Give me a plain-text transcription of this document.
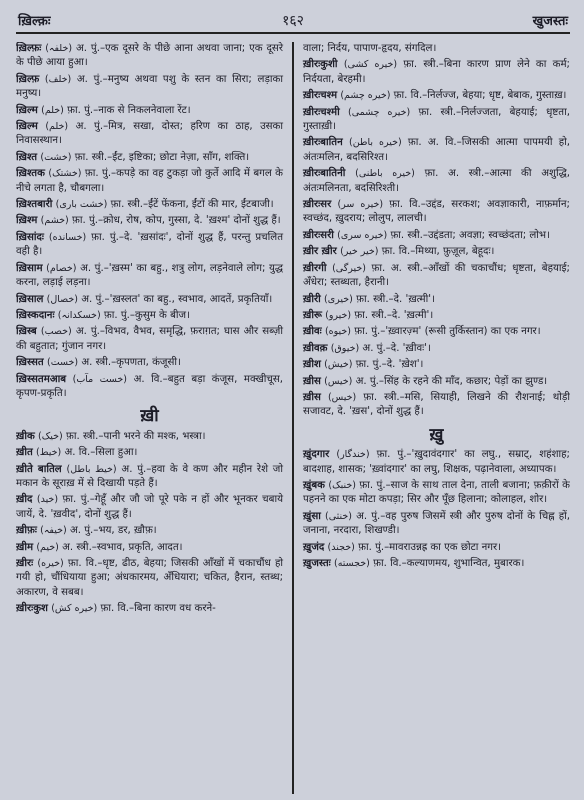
ख़िल्क़ः	१६२	खुजस्तः
ख़िल्फ़ः (خلفہ) अ. पुं.–एक दूसरे के पीछे आना अथवा जाना; एक दूसरे के पीछे आया हुआ।
ख़िल्फ़ (خلف) अ. पुं.–मनुष्य अथवा पशु के स्तन का सिरा; लड़ाका मनुष्य।
ख़िल्म (خلم) फ़ा. पुं.–नाक से निकलनेवाला रेंट।
ख़िल्म (خلم) अ. पुं.–मित्र, सखा, दोस्त; हरिण का ठाह, उसका निवासस्थान।
ख़िश्त (خشت) फ़ा. स्त्री.–ईंट, इष्टिका; छोटा नेज़ा, साँग, शक्ति।
ख़िश्तक (خشتک) फ़ा. पुं.–कपड़े का वह टुकड़ा जो कुर्ते आदि में बगल के नीचे लगता है, चौबगला।
ख़िश्तबारी (خشت باری) फ़ा. स्त्री.–ईंटें फेंकना, ईंटों की मार, ईंटबाजी।
ख़िश्म (خشم) फ़ा. पुं.–क्रोध, रोष, कोप, गुस्सा, दे. 'ख़श्म' दोनों शुद्ध हैं।
ख़िसांदः (خسانده) फ़ा. पुं.–दे. 'ख़सांदः', दोनों शुद्ध हैं, परन्तु प्रचलित वही है।
ख़िसाम (خصام) अ. पुं.–'ख़स्म' का बहु., शत्रु लोग, लड़नेवाले लोग; युद्ध करना, लड़ाई लड़ना।
ख़िसाल (خصال) अ. पुं.–'ख़स्लत' का बहु., स्वभाव, आदतें, प्रकृतियाँ।
ख़िस्कदानः (خسکدانہ) फ़ा. पुं.–कुसुम के बीज।
ख़िस्ब (خصب) अ. पुं.–विभव, वैभव, समृद्धि, फ़राग़त; घास और सब्ज़ी की बहुतात; गुंजान नगर।
ख़िस्सत (خست) अ. स्त्री.–कृपणता, कंजूसी।
ख़िस्सतमआब (خست مآب) अ. वि.–बहुत बड़ा कंजूस, मक्खीचूस, कृपण-प्रकृति।
ख़ी
ख़ीक (خیک) फ़ा. स्त्री.–पानी भरने की मश्क, भस्त्रा।
ख़ीत (خیط) अ. वि.–सिला हुआ।
ख़ीते बातिल (خیط باطل) अ. पुं.–हवा के वे कण और महीन रेशे जो मकान के सूराख़ में से दिखायी पड़ते हैं।
ख़ीद (خید) फ़ा. पुं.–गेहूँ और जौ जो पूरे पके न हों और भूनकर चबाये जायें, दे. 'ख़वीद', दोनों शुद्ध हैं।
ख़ीफ़ः (خیفہ) अ. पुं.–भय, डर, ख़ौफ़।
ख़ीम (خیم) अ. स्त्री.–स्वभाव, प्रकृति, आदत।
ख़ीरः (خیره) फ़ा. वि.–धृष्ट, ढीठ, बेहया; जिसकी आँखों में चकाचौंध हो गयी हो, चौंधियाया हुआ; अंधकारमय, अँधियारा; चकित, हैरान, स्तब्ध; अकारण, वे सबब।
ख़ीरःकुश (خیره کش) फ़ा. वि.–बिना कारण वध करने-
वाला; निर्दय, पापाण-हृदय, संगदिल।
ख़ीरःकुशी (خیره کشی) फ़ा. स्त्री.–बिना कारण प्राण लेने का कर्म; निर्दयता, बेरहमी।
ख़ीरःचश्म (خیره چشم) फ़ा. वि.–निर्लज्ज, बेहया; धृष्ट, बेबाक, गुस्ताख़।
ख़ीरःचश्मी (خیره چشمی) फ़ा. स्त्री.–निर्लज्जता, बेहयाई; धृष्टता, गुस्ताख़ी।
ख़ीरःबातिन (خیره باطن) फ़ा. अ. वि.–जिसकी आत्मा पापमयी हो, अंतःमलिन, बदसिरिश्त।
ख़ीरःबातिनी (خیره باطنی) फ़ा. अ. स्त्री.–आत्मा की अशुद्धि, अंतःमलिनता, बदसिरिश्ती।
ख़ीरःसर (خیره سر) फ़ा. वि.–उद्दंड, सरकश; अवज्ञाकारी, नाफ़र्मान; स्वच्छंद, ख़ुदराय; लोलुप, लालची।
ख़ीरःसरी (خیره سری) फ़ा. स्त्री.–उद्दंडता; अवज्ञा; स्वच्छंदता; लोभ।
ख़ीर ख़ीर (خیر خیر) फ़ा. वि.–मिथ्या, फ़ुज़ूल, बेहूदः।
ख़ीरगी (خیرگی) फ़ा. अ. स्त्री.–आँखों की चकाचौंध; धृष्टता, बेहयाई; अँधेरा; स्तब्धता, हैरानी।
ख़ीरी (خیری) फ़ा. स्त्री.–दे. 'ख़त्मी'।
ख़ीरू (خیرو) फ़ा. स्त्री.–दे. 'ख़त्मी'।
ख़ीवः (خیوه) फ़ा. पुं.–'ख़्वारज़्म' (रूसी तुर्किस्तान) का एक नगर।
ख़ीवक़ (خیوق) अ. पुं.–दे. 'ख़ीवः'।
ख़ीश (خیش) फ़ा. पुं.–दे. 'ख़ेश'।
ख़ीस (خیس) अ. पुं.–सिंह के रहने की माँद, कछार; पेड़ों का झुण्ड।
ख़ीस (خیس) फ़ा. स्त्री.–मसि, सियाही, लिखने की रौशनाई; थोड़ी सजावट, दे. 'ख़स', दोनों शुद्ध हैं।
ख़ु
ख़ुंदगार (خندگار) फ़ा. पुं.–'ख़ुदावंदगार' का लघु., सम्राट्, शहंशाह; बादशाह, शासक; 'ख़्वांदगार' का लघु, शिक्षक, पढ़ानेवाला, अध्यापक।
ख़ुंबक (خنبک) फ़ा. पुं.–साज के साथ ताल देना, ताली बजाना; फ़क़ीरों के पहनने का एक मोटा कपड़ा; सिर और पूँछ हिलाना; कोलाहल, शोर।
ख़ुंसा (خنثی) अ. पुं.–वह पुरुष जिसमें स्त्री और पुरुष दोनों के चिह्न हों, जनाना, नरदारा, शिखण्डी।
ख़ुजंद (خجند) फ़ा. पुं.–मावराउन्नह्र का एक छोटा नगर।
ख़ुजस्तः (خجسته) फ़ा. वि.–कल्याणमय, शुभान्वित, मुबारक।
